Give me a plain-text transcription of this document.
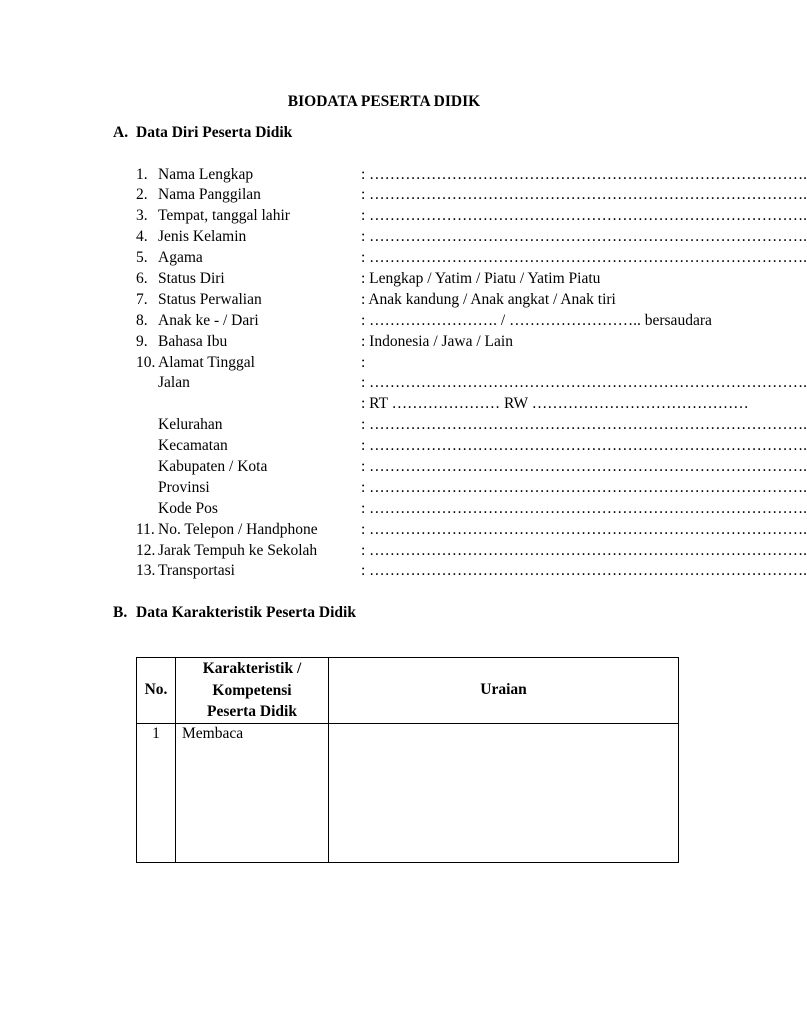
BIODATA PESERTA DIDIK
A. Data Diri Peserta Didik
1. Nama Lengkap	: ………………………………………………………………………….
2. Nama Panggilan	: ………………………………………………………………………….
3. Tempat, tanggal lahir	: ………………………………………………………………………….
4. Jenis Kelamin	: ………………………………………………………………………….
5. Agama	: ………………………………………………………………………….
6. Status Diri	: Lengkap / Yatim / Piatu / Yatim Piatu
7. Status Perwalian	: Anak kandung / Anak angkat / Anak tiri
8. Anak ke - / Dari	: ……………………. / …………………….. bersaudara
9. Bahasa Ibu	: Indonesia / Jawa / Lain
10. Alamat Tinggal	:
Jalan	: ………………………………………………………………………….
: RT ………………… RW ……………………………………
Kelurahan	: ………………………………………………………………………….
Kecamatan	: ………………………………………………………………………….
Kabupaten / Kota	: ………………………………………………………………………….
Provinsi	: ………………………………………………………………………….
Kode Pos	: ………………………………………………………………………….
11. No. Telepon / Handphone	: ………………………………………………………………………….
12. Jarak Tempuh ke Sekolah	: ………………………………………………………………………….
13. Transportasi	: ………………………………………………………………………….
B. Data Karakteristik Peserta Didik
No.	Karakteristik /
Kompetensi
Peserta Didik	Uraian
1	Membaca	
